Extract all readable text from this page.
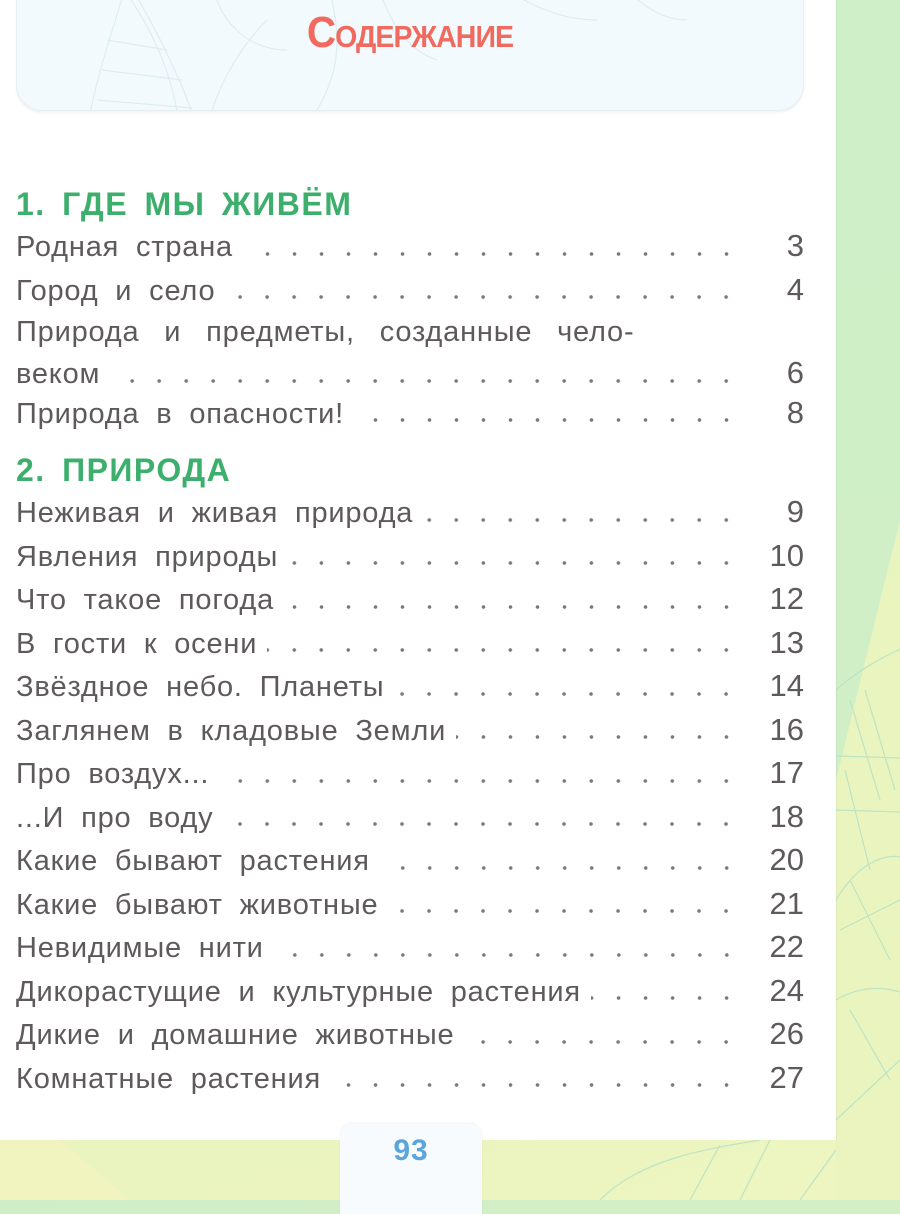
Содержание
1. ГДЕ МЫ ЖИВЁМ
Родная страна	3
Город и село	4
Природа и предметы, созданные чело-
веком	6
Природа в опасности!	8
2. ПРИРОДА
Неживая и живая природа	9
Явления природы	10
Что такое погода	12
В гости к осени	13
Звёздное небо. Планеты	14
Заглянем в кладовые Земли	16
Про воздух...	17
...И про воду	18
Какие бывают растения	20
Какие бывают животные	21
Невидимые нити	22
Дикорастущие и культурные растения	24
Дикие и домашние животные	26
Комнатные растения	27
93
